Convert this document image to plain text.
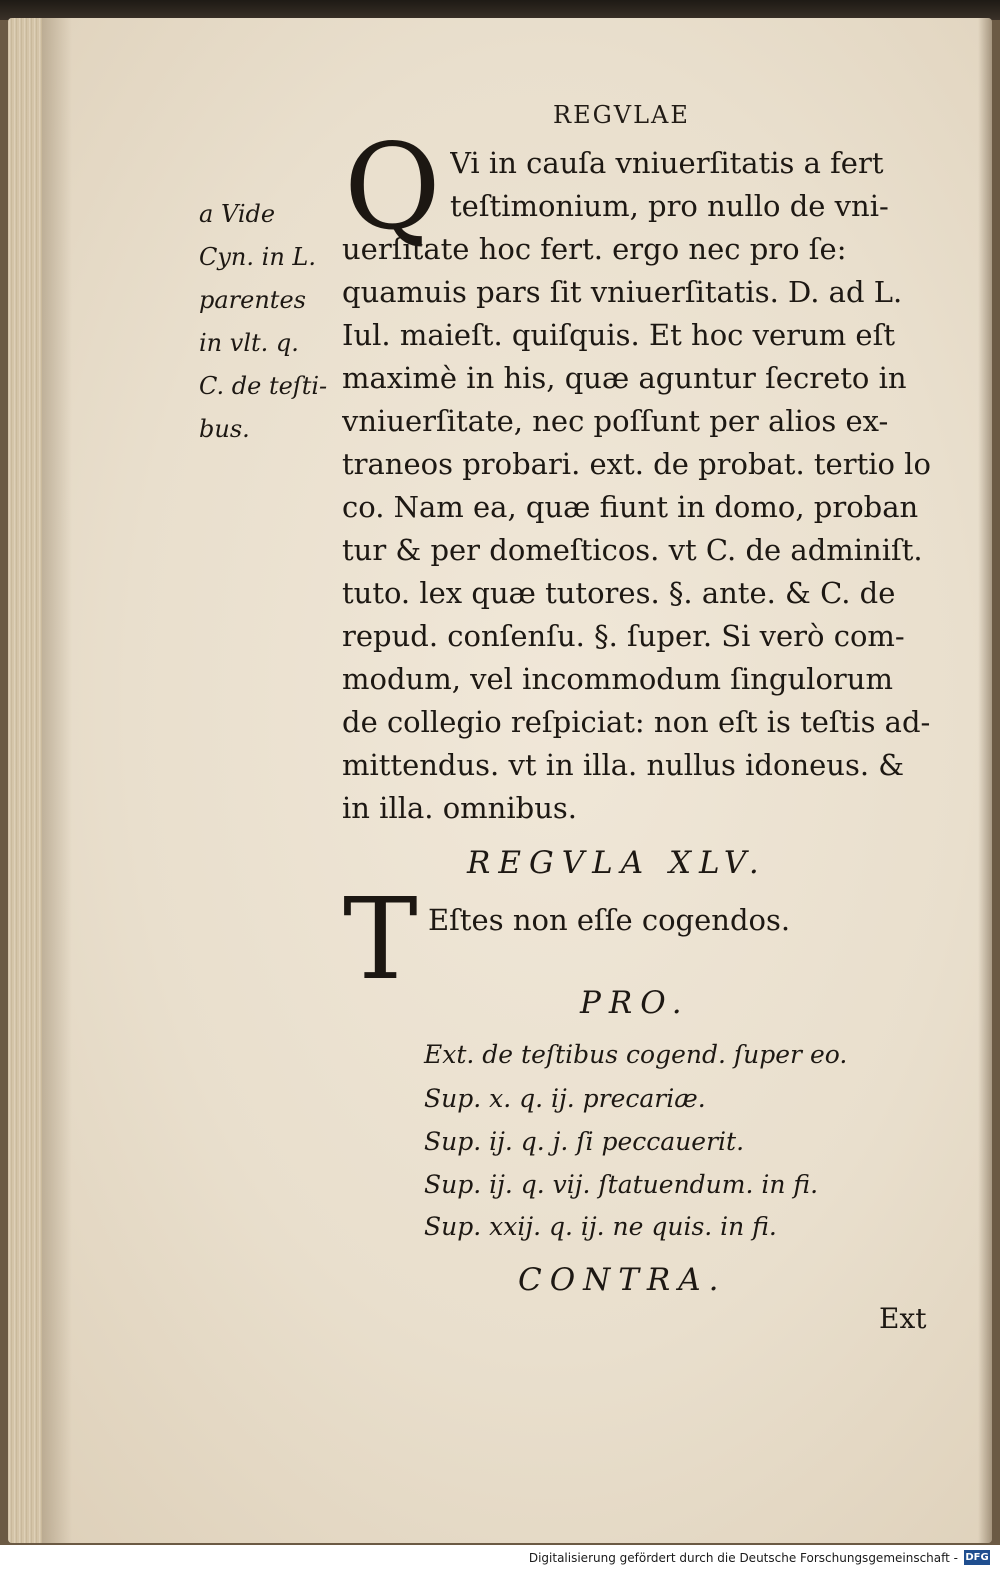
REGVLAE
Q Vi in cauſa vniuerſitatis a fert
teſtimonium, pro nullo de vni-
uerſitate hoc fert. ergo nec pro ſe:
quamuis pars ſit vniuerſitatis. D. ad L.
Iul. maieſt. quiſquis. Et hoc verum eſt
maximè in his, quæ aguntur ſecreto in
vniuerſitate, nec poſſunt per alios ex-
traneos probari. ext. de probat. tertio lo
co. Nam ea, quæ fiunt in domo, proban
tur & per domeſticos. vt C. de adminiſt.
tuto. lex quæ tutores. §. ante. & C. de
repud. conſenſu. §. ſuper. Si verò com-
modum, vel incommodum ſingulorum
de collegio reſpiciat: non eſt is teſtis ad-
mittendus. vt in illa. nullus idoneus. &
in illa. omnibus.
a Vide
Cyn. in L.
parentes
in vlt. q.
C. de teſti-
bus.
REGVLA XLV.
T Eſtes non eſſe cogendos.
PRO.
Ext. de teſtibus cogend. ſuper eo.
Sup. x. q. ij. precariæ.
Sup. ij. q. j. ſi peccauerit.
Sup. ij. q. vij. ſtatuendum. in fi.
Sup. xxij. q. ij. ne quis. in fi.
CONTRA.
Ext
Digitalisierung gefördert durch die Deutsche Forschungsgemeinschaft - DFG
